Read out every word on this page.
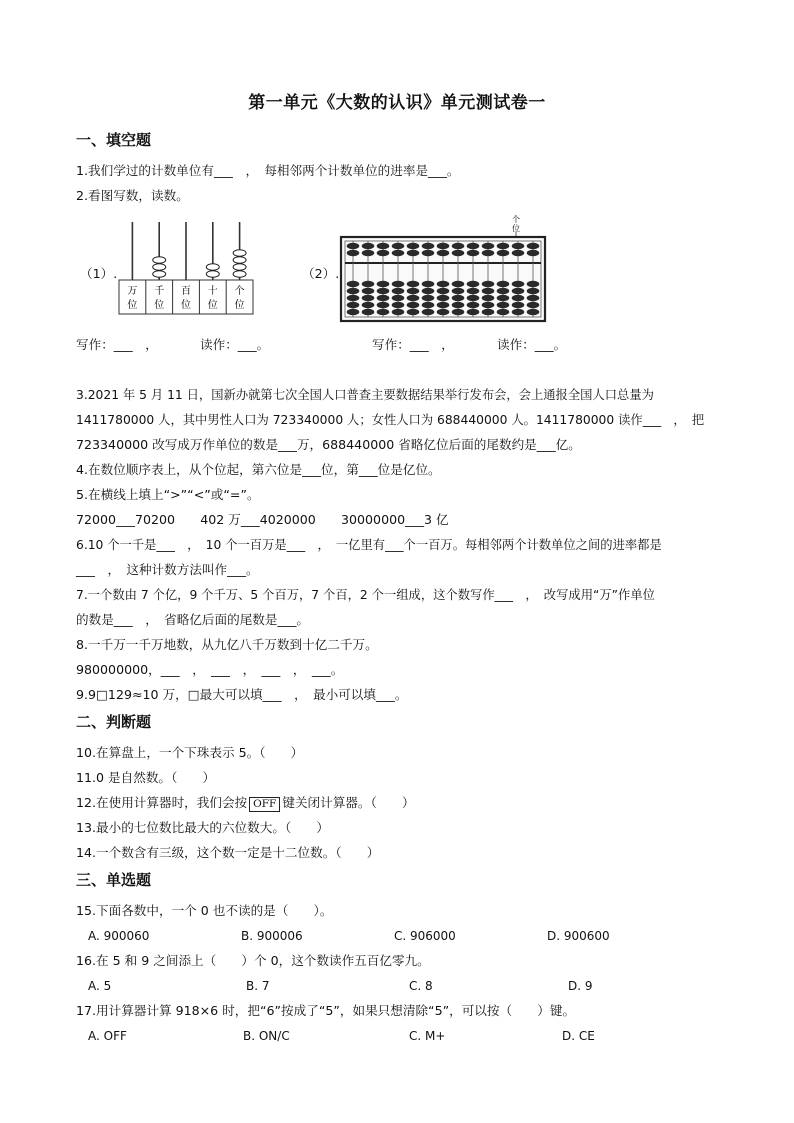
第一单元《大数的认识》单元测试卷一
一、填空题
1.我们学过的计数单位有___　，　每相邻两个计数单位的进率是___。
2.看图写数，读数。
（1）.
万
位
千
位
百
位
十
位
个
位
（2）.
个
位
写作：___　，	读作：___。	写作：___　，	读作：___。
3.2021 年 5 月 11 日，国新办就第七次全国人口普查主要数据结果举行发布会，会上通报全国人口总量为
1411780000 人，其中男性人口为 723340000 人；女性人口为 688440000 人。1411780000 读作___　，　把
723340000 改写成万作单位的数是___万，688440000 省略亿位后面的尾数约是___亿。
4.在数位顺序表上，从个位起，第六位是___位，第___位是亿位。
5.在横线上填上“>”“<”或“=”。
72000___70200　　402 万___4020000　　30000000___3 亿
6.10 个一千是___　，　10 个一百万是___　，　一亿里有___个一百万。每相邻两个计数单位之间的进率都是
___　，　这种计数方法叫作___。
7.一个数由 7 个亿，9 个千万、5 个百万，7 个百，2 个一组成，这个数写作___　，　改写成用“万”作单位
的数是___　，　省略亿后面的尾数是___。
8.一千万一千万地数，从九亿八千万数到十亿二千万。
980000000，___　，　___　，　___　，　___。
9.9□129≈10 万，□最大可以填___　，　最小可以填___。
二、判断题
10.在算盘上，一个下珠表示 5。（　　）
11.0 是自然数。（　　）
12.在使用计算器时，我们会按 OFF 键关闭计算器。（　　）
13.最小的七位数比最大的六位数大。（　　）
14.一个数含有三级，这个数一定是十二位数。（　　）
三、单选题
15.下面各数中，一个 0 也不读的是（　　）。
A. 900060	B. 900006	C. 906000	D. 900600
16.在 5 和 9 之间添上（　　）个 0，这个数读作五百亿零九。
A. 5	B. 7	C. 8	D. 9
17.用计算器计算 918×6 时，把“6”按成了“5”，如果只想清除“5”，可以按（　　）键。
A. OFF	B. ON/C	C. M+	D. CE
